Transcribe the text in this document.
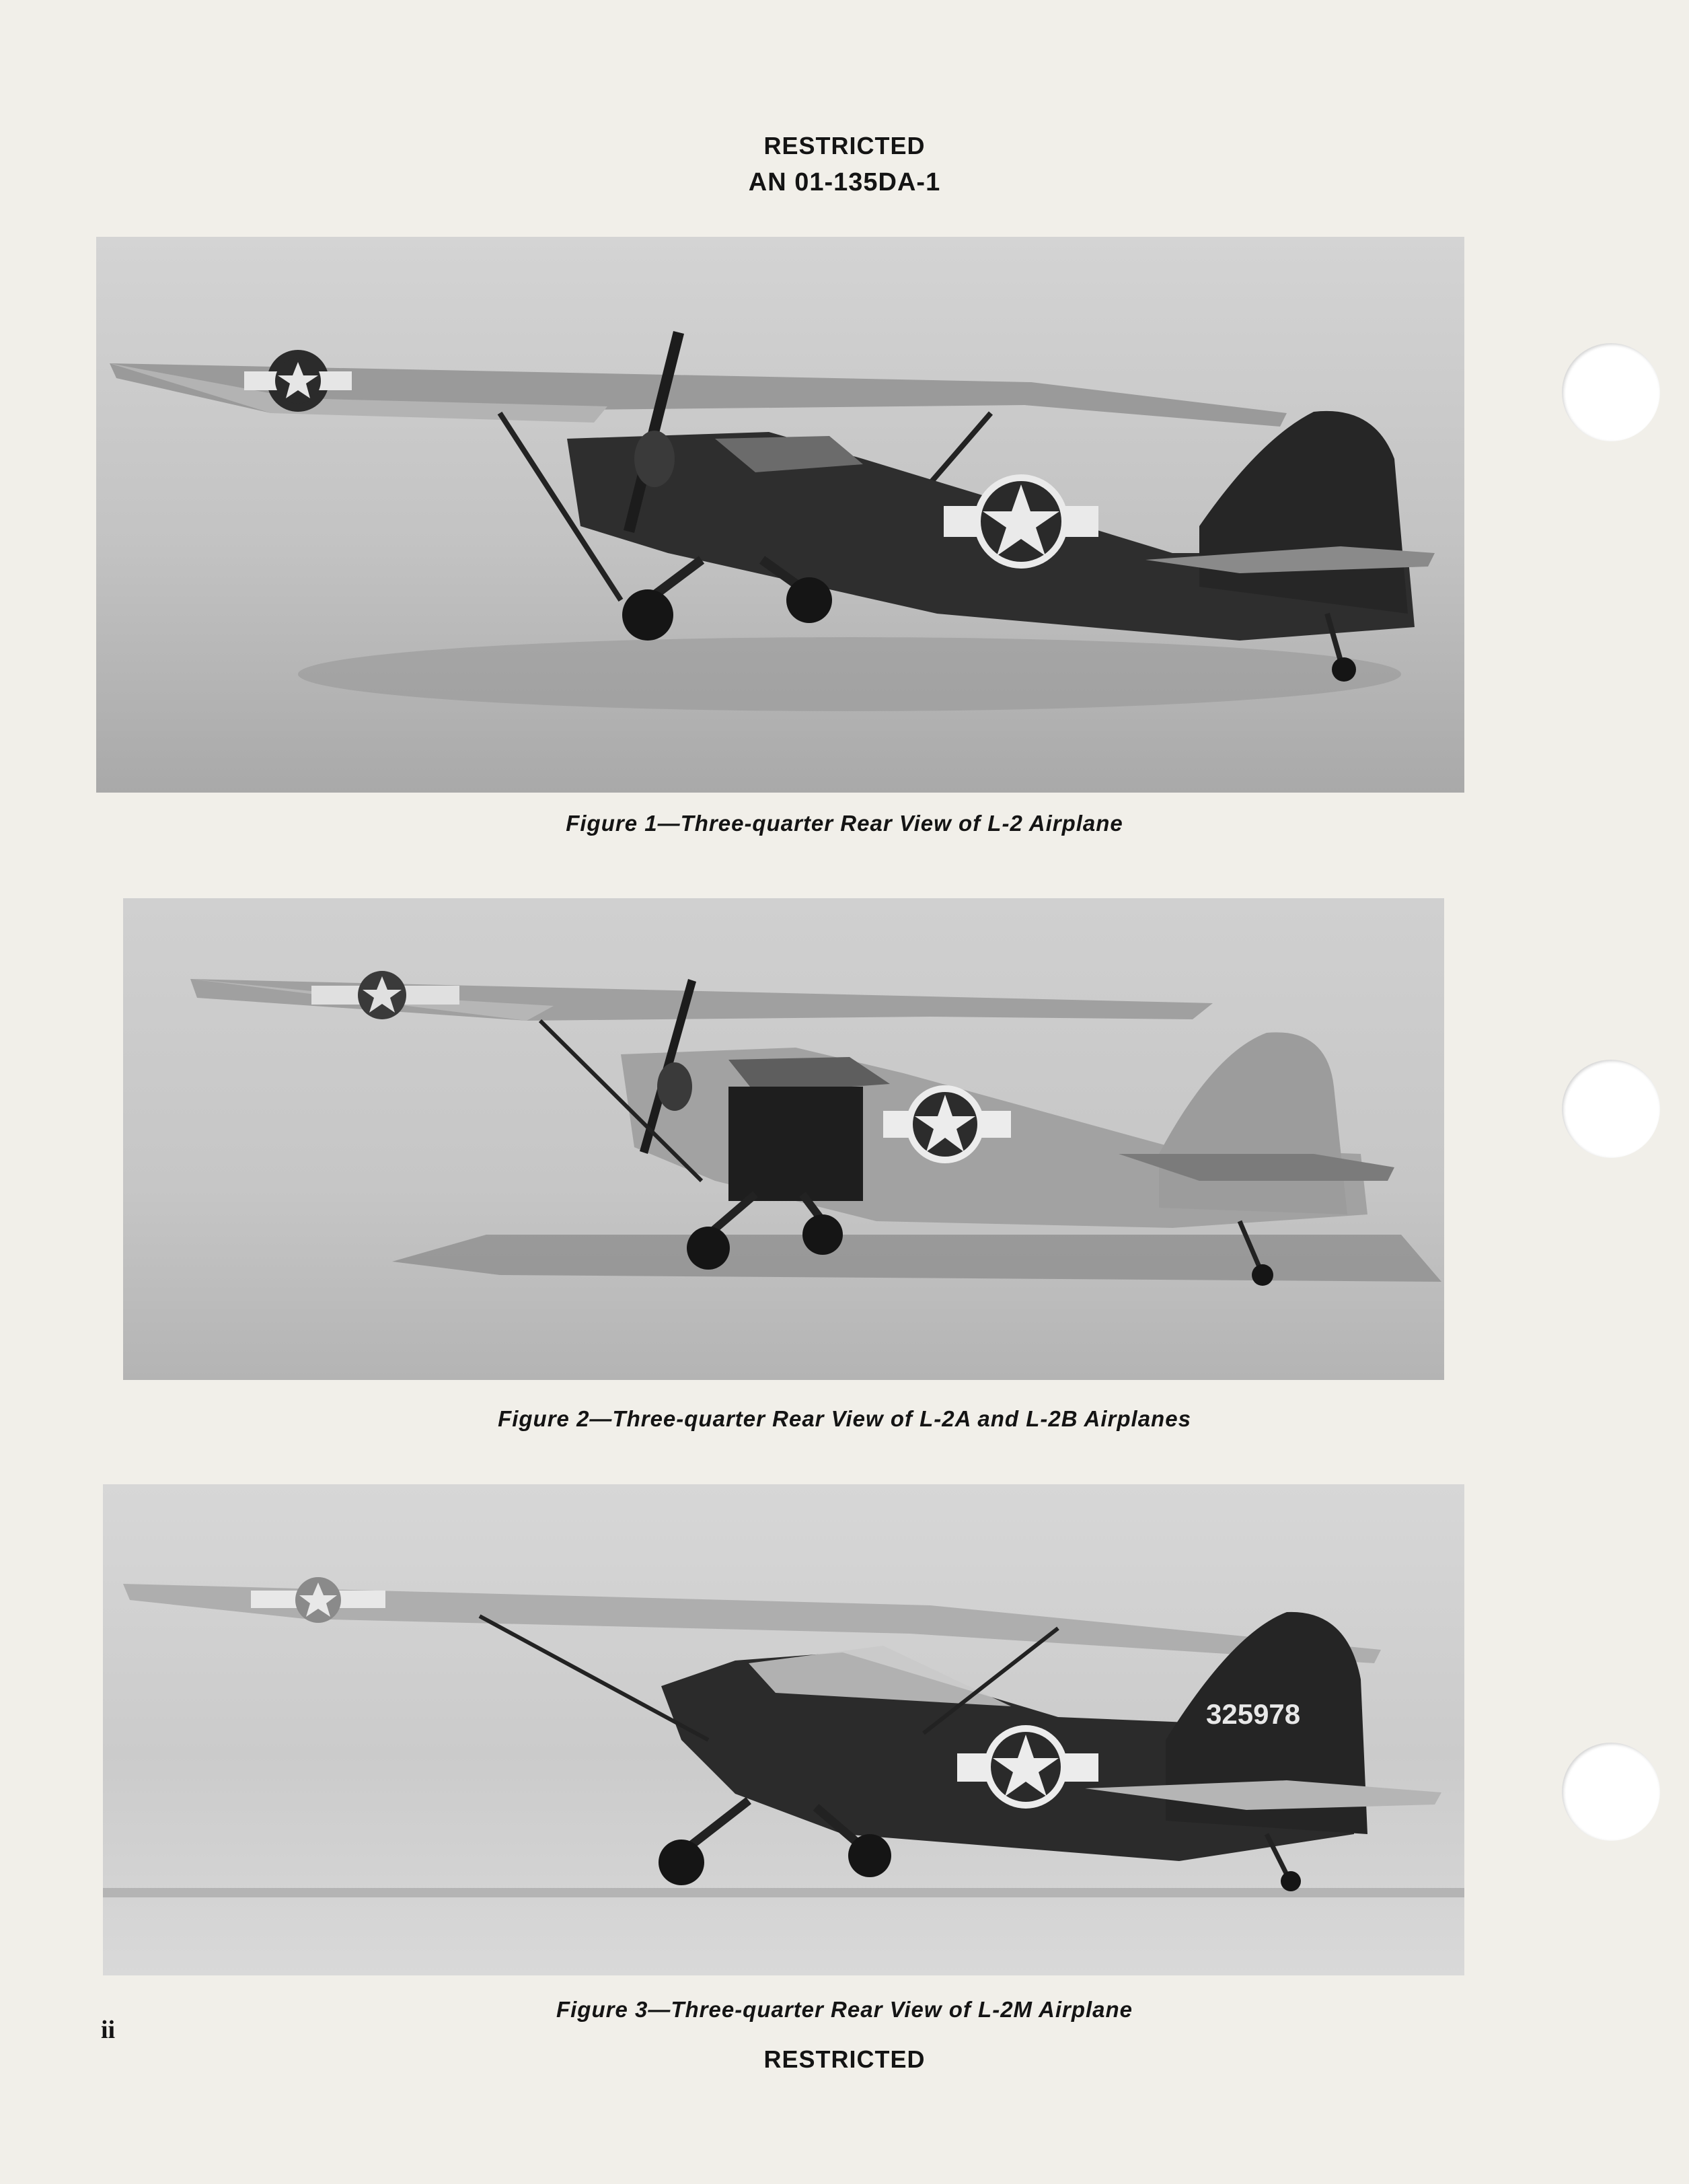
RESTRICTED
AN 01-135DA-1
Figure 1—Three-quarter Rear View of L-2 Airplane
Figure 2—Three-quarter Rear View of L-2A and L-2B Airplanes
325978
Figure 3—Three-quarter Rear View of L-2M Airplane
ii
RESTRICTED
